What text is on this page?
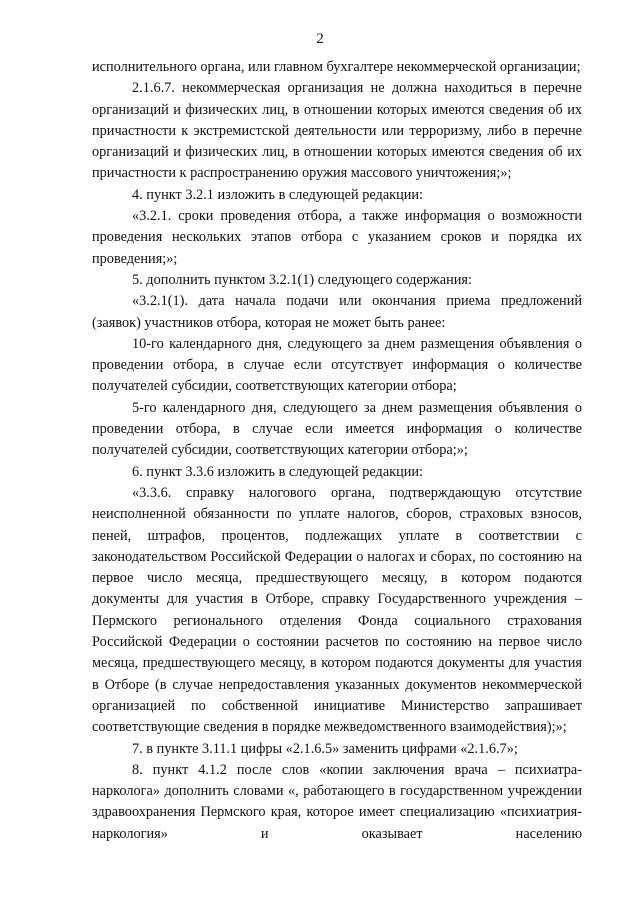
2

исполнительного органа, или главном бухгалтере некоммерческой организации;

2.1.6.7. некоммерческая организация не должна находиться в перечне организаций и физических лиц, в отношении которых имеются сведения об их причастности к экстремистской деятельности или терроризму, либо в перечне организаций и физических лиц, в отношении которых имеются сведения об их причастности к распространению оружия массового уничтожения;»;

4. пункт 3.2.1 изложить в следующей редакции:

«3.2.1. сроки проведения отбора, а также информация о возможности проведения нескольких этапов отбора с указанием сроков и порядка их проведения;»;

5. дополнить пунктом 3.2.1(1) следующего содержания:

«3.2.1(1). дата начала подачи или окончания приема предложений (заявок) участников отбора, которая не может быть ранее:

10-го календарного дня, следующего за днем размещения объявления о проведении отбора, в случае если отсутствует информация о количестве получателей субсидии, соответствующих категории отбора;

5-го календарного дня, следующего за днем размещения объявления о проведении отбора, в случае если имеется информация о количестве получателей субсидии, соответствующих категории отбора;»;

6. пункт 3.3.6 изложить в следующей редакции:

«3.3.6. справку налогового органа, подтверждающую отсутствие неисполненной обязанности по уплате налогов, сборов, страховых взносов, пеней, штрафов, процентов, подлежащих уплате в соответствии с законодательством Российской Федерации о налогах и сборах, по состоянию на первое число месяца, предшествующего месяцу, в котором подаются документы для участия в Отборе, справку Государственного учреждения – Пермского регионального отделения Фонда социального страхования Российской Федерации о состоянии расчетов по состоянию на первое число месяца, предшествующего месяцу, в котором подаются документы для участия в Отборе (в случае непредоставления указанных документов некоммерческой организацией по собственной инициативе Министерство запрашивает соответствующие сведения в порядке межведомственного взаимодействия);»;

7. в пункте 3.11.1 цифры «2.1.6.5» заменить цифрами «2.1.6.7»;

8. пункт 4.1.2 после слов «копии заключения врача – психиатра-нарколога» дополнить словами «, работающего в государственном учреждении здравоохранения Пермского края, которое имеет специализацию «психиатрия-наркология» и оказывает населению
